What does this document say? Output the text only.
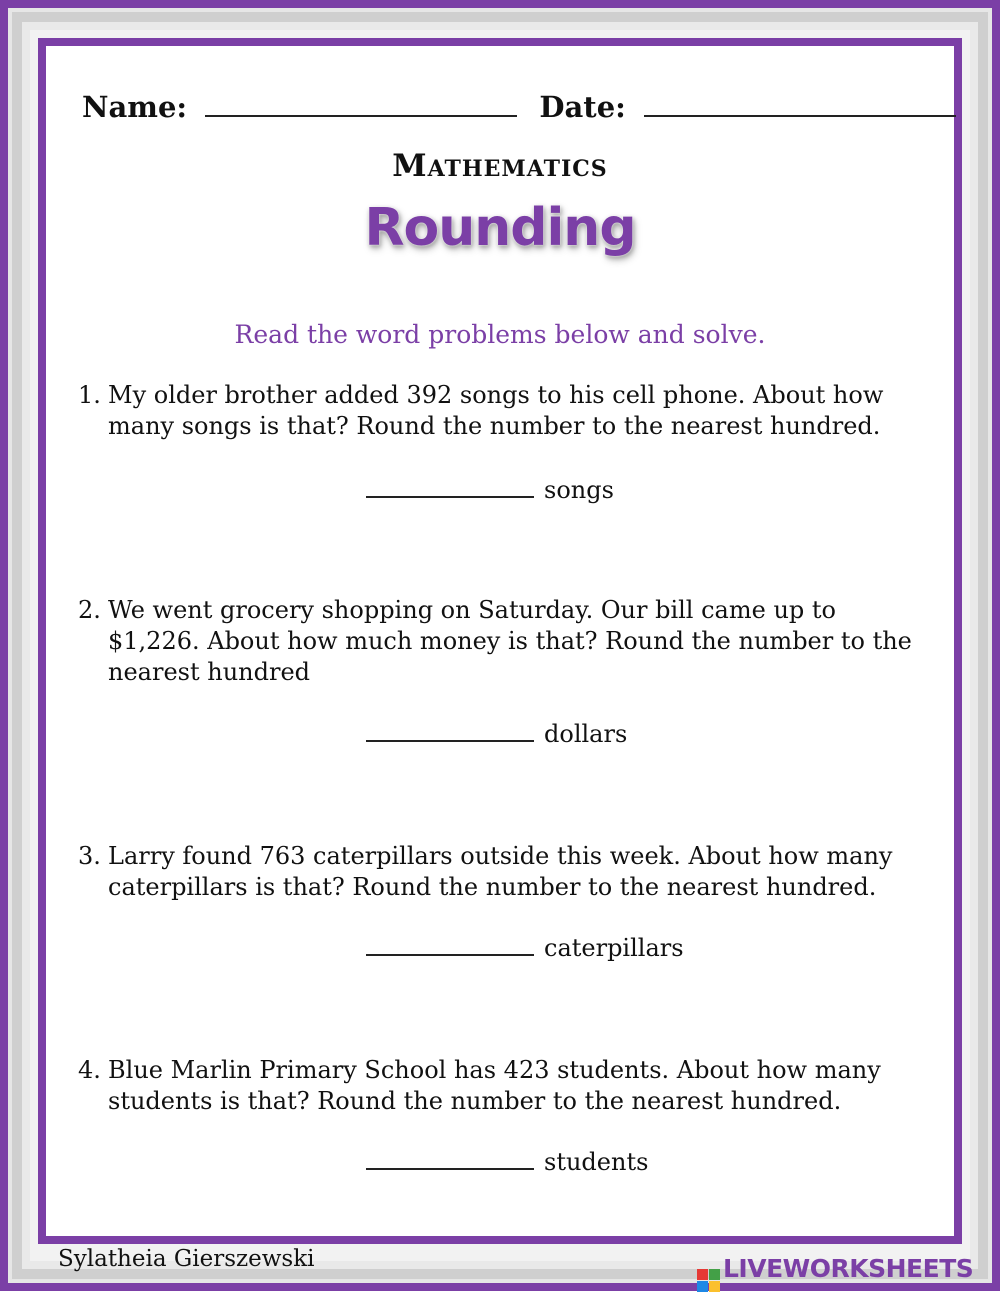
Name:	Date:
Mathematics
Rounding
Read the word problems below and solve.
1. My older brother added 392 songs to his cell phone. About how many songs is that? Round the number to the nearest hundred.
songs
2. We went grocery shopping on Saturday. Our bill came up to $1,226. About how much money is that? Round the number to the nearest hundred
dollars
3. Larry found 763 caterpillars outside this week. About how many caterpillars is that? Round the number to the nearest hundred.
caterpillars
4. Blue Marlin Primary School has 423 students. About how many students is that? Round the number to the nearest hundred.
students
Sylatheia Gierszewski	LIVEWORKSHEETS
